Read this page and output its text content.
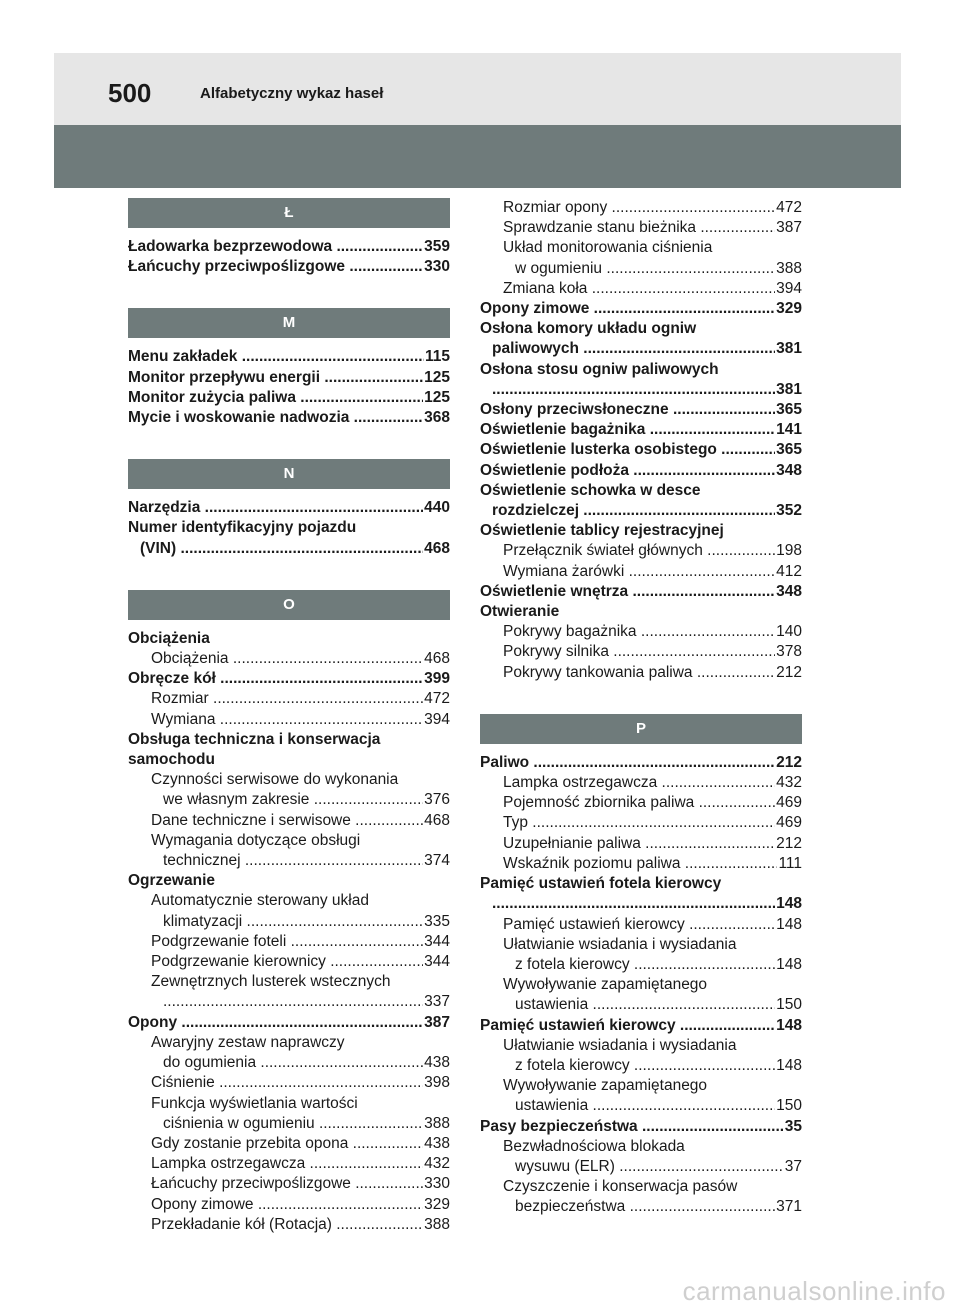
500	Alfabetyczny wykaz haseł
Ł
Ładowarka bezprzewodowa .....	359
Łańcuchy przeciwpoślizgowe .....	330
M
Menu zakładek .....	115
Monitor przepływu energii .....	125
Monitor zużycia paliwa .....	125
Mycie i woskowanie nadwozia .....	368
N
Narzędzia .....	440
Numer identyfikacyjny pojazdu
(VIN) .....	468
O
Obciążenia
Obciążenia .....	468
Obręcze kół .....	399
Rozmiar .....	472
Wymiana .....	394
Obsługa techniczna i konserwacja
samochodu
Czynności serwisowe do wykonania
we własnym zakresie .....	376
Dane techniczne i serwisowe .....	468
Wymagania dotyczące obsługi
technicznej .....	374
Ogrzewanie
Automatycznie sterowany układ
klimatyzacji .....	335
Podgrzewanie foteli .....	344
Podgrzewanie kierownicy .....	344
Zewnętrznych lusterek wstecznych
.....
337
Opony .....	387
Awaryjny zestaw naprawczy
do ogumienia .....	438
Ciśnienie .....	398
Funkcja wyświetlania wartości
ciśnienia w ogumieniu .....	388
Gdy zostanie przebita opona .....	438
Lampka ostrzegawcza .....	432
Łańcuchy przeciwpoślizgowe .....	330
Opony zimowe .....	329
Przekładanie kół (Rotacja) .....	388
Rozmiar opony .....	472
Sprawdzanie stanu bieżnika .....	387
Układ monitorowania ciśnienia
w ogumieniu .....	388
Zmiana koła .....	394
Opony zimowe .....	329
Osłona komory układu ogniw
paliwowych .....	381
Osłona stosu ogniw paliwowych
.....
381
Osłony przeciwsłoneczne .....	365
Oświetlenie bagażnika .....	141
Oświetlenie lusterka osobistego .....	365
Oświetlenie podłoża .....	348
Oświetlenie schowka w desce
rozdzielczej .....	352
Oświetlenie tablicy rejestracyjnej
Przełącznik świateł głównych .....	198
Wymiana żarówki .....	412
Oświetlenie wnętrza .....	348
Otwieranie
Pokrywy bagażnika .....	140
Pokrywy silnika .....	378
Pokrywy tankowania paliwa .....	212
P
Paliwo .....	212
Lampka ostrzegawcza .....	432
Pojemność zbiornika paliwa .....	469
Typ .....	469
Uzupełnianie paliwa .....	212
Wskaźnik poziomu paliwa .....	111
Pamięć ustawień fotela kierowcy
.....
148
Pamięć ustawień kierowcy .....	148
Ułatwianie wsiadania i wysiadania
z fotela kierowcy .....	148
Wywoływanie zapamiętanego
ustawienia .....	150
Pamięć ustawień kierowcy .....	148
Ułatwianie wsiadania i wysiadania
z fotela kierowcy .....	148
Wywoływanie zapamiętanego
ustawienia .....	150
Pasy bezpieczeństwa .....	35
Bezwładnościowa blokada
wysuwu (ELR) .....	37
Czyszczenie i konserwacja pasów
bezpieczeństwa .....	371
carmanualsonline.info
